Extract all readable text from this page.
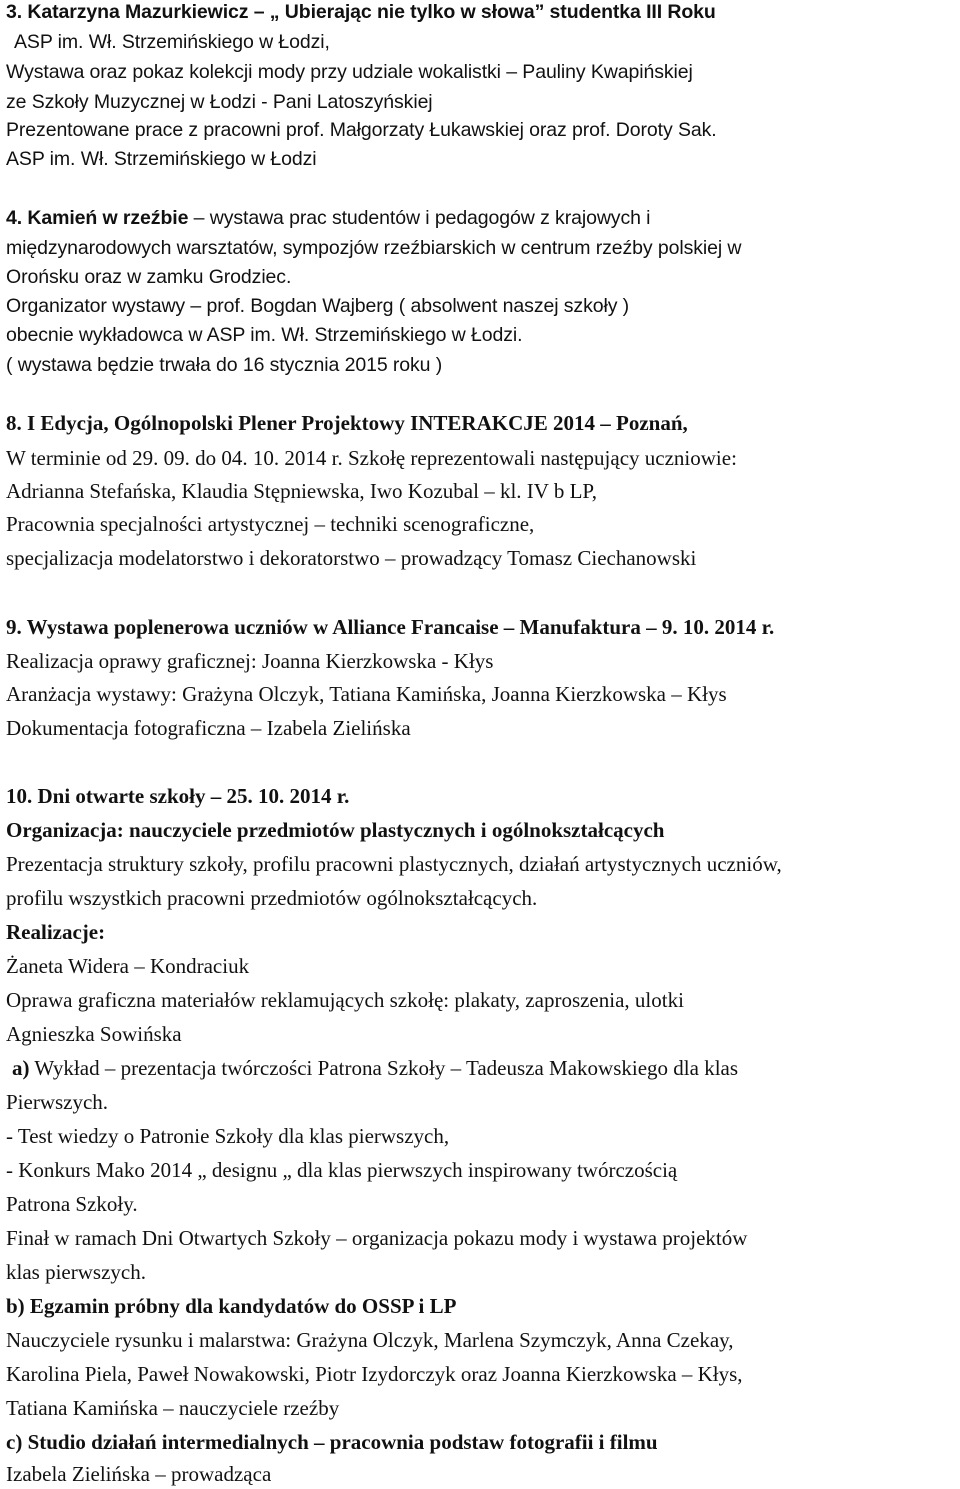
3. Katarzyna Mazurkiewicz – „ Ubierając nie tylko w słowa” studentka III Roku
ASP im. Wł. Strzemińskiego w Łodzi,
Wystawa oraz pokaz kolekcji mody przy udziale wokalistki – Pauliny Kwapińskiej
ze Szkoły Muzycznej w Łodzi - Pani Latoszyńskiej
Prezentowane prace z pracowni prof. Małgorzaty Łukawskiej oraz prof. Doroty Sak.
ASP im. Wł. Strzemińskiego w Łodzi
4. Kamień w rzeźbie – wystawa prac studentów i pedagogów z krajowych i
międzynarodowych warsztatów, sympozjów rzeźbiarskich w centrum rzeźby polskiej w
Orońsku oraz w zamku Grodziec.
Organizator wystawy – prof. Bogdan Wajberg ( absolwent naszej szkoły )
obecnie wykładowca w ASP im. Wł. Strzemińskiego w Łodzi.
( wystawa będzie trwała do 16 stycznia 2015 roku )
8. I Edycja, Ogólnopolski Plener Projektowy INTERAKCJE 2014 – Poznań,
W terminie od 29. 09. do 04. 10. 2014 r. Szkołę reprezentowali następujący uczniowie:
Adrianna Stefańska, Klaudia Stępniewska, Iwo Kozubal – kl. IV b LP,
Pracownia specjalności artystycznej – techniki scenograficzne,
specjalizacja modelatorstwo i dekoratorstwo – prowadzący Tomasz Ciechanowski
9. Wystawa poplenerowa uczniów w Alliance Francaise – Manufaktura – 9. 10. 2014 r.
Realizacja oprawy graficznej: Joanna Kierzkowska - Kłys
Aranżacja wystawy: Grażyna Olczyk, Tatiana Kamińska, Joanna Kierzkowska – Kłys
Dokumentacja fotograficzna – Izabela Zielińska
10. Dni otwarte szkoły – 25. 10. 2014 r.
Organizacja: nauczyciele przedmiotów plastycznych i ogólnokształcących
Prezentacja struktury szkoły, profilu pracowni plastycznych, działań artystycznych uczniów,
profilu wszystkich pracowni przedmiotów ogólnokształcących.
Realizacje:
Żaneta Widera – Kondraciuk
Oprawa graficzna materiałów reklamujących szkołę: plakaty, zaproszenia, ulotki
Agnieszka Sowińska
a) Wykład – prezentacja twórczości Patrona Szkoły – Tadeusza Makowskiego dla klas
Pierwszych.
- Test wiedzy o Patronie Szkoły dla klas pierwszych,
- Konkurs Mako 2014 „ designu „ dla klas pierwszych inspirowany twórczością
Patrona Szkoły.
Finał w ramach Dni Otwartych Szkoły – organizacja pokazu mody i wystawa projektów
klas pierwszych.
b) Egzamin próbny dla kandydatów do OSSP i LP
Nauczyciele rysunku i malarstwa: Grażyna Olczyk, Marlena Szymczyk, Anna Czekay,
Karolina Piela, Paweł Nowakowski, Piotr Izydorczyk oraz Joanna Kierzkowska – Kłys,
Tatiana Kamińska – nauczyciele rzeźby
c) Studio działań intermedialnych – pracownia podstaw fotografii i filmu
Izabela Zielińska – prowadząca
